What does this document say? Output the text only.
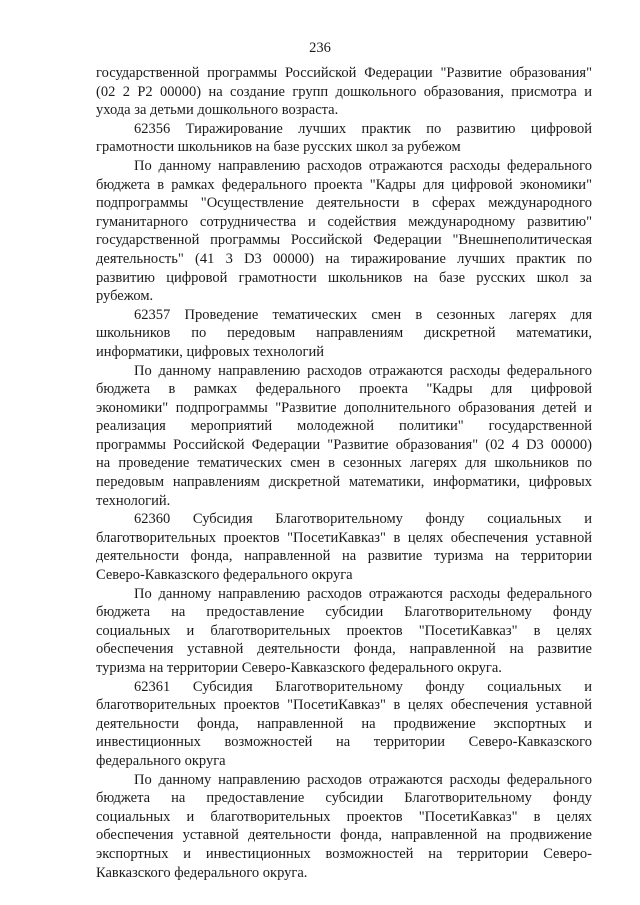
236
государственной программы Российской Федерации "Развитие образования"
(02 2 Р2 00000) на создание групп дошкольного образования, присмотра и
ухода за детьми дошкольного возраста.
62356 Тиражирование лучших практик по развитию цифровой
грамотности школьников на базе русских школ за рубежом
По данному направлению расходов отражаются расходы федерального
бюджета в рамках федерального проекта "Кадры для цифровой экономики"
подпрограммы "Осуществление деятельности в сферах международного
гуманитарного сотрудничества и содействия международному развитию"
государственной программы Российской Федерации "Внешнеполитическая
деятельность" (41 3 D3 00000) на тиражирование лучших практик по
развитию цифровой грамотности школьников на базе русских школ за
рубежом.
62357 Проведение тематических смен в сезонных лагерях для
школьников по передовым направлениям дискретной математики,
информатики, цифровых технологий
По данному направлению расходов отражаются расходы федерального
бюджета в рамках федерального проекта "Кадры для цифровой
экономики" подпрограммы "Развитие дополнительного образования детей и
реализация мероприятий молодежной политики" государственной
программы Российской Федерации "Развитие образования" (02 4 D3 00000)
на проведение тематических смен в сезонных лагерях для школьников по
передовым направлениям дискретной математики, информатики, цифровых
технологий.
62360 Субсидия Благотворительному фонду социальных и
благотворительных проектов "ПосетиКавказ" в целях обеспечения уставной
деятельности фонда, направленной на развитие туризма на территории
Северо-Кавказского федерального округа
По данному направлению расходов отражаются расходы федерального
бюджета на предоставление субсидии Благотворительному фонду
социальных и благотворительных проектов "ПосетиКавказ" в целях
обеспечения уставной деятельности фонда, направленной на развитие
туризма на территории Северо-Кавказского федерального округа.
62361 Субсидия Благотворительному фонду социальных и
благотворительных проектов "ПосетиКавказ" в целях обеспечения уставной
деятельности фонда, направленной на продвижение экспортных и
инвестиционных возможностей на территории Северо-Кавказского
федерального округа
По данному направлению расходов отражаются расходы федерального
бюджета на предоставление субсидии Благотворительному фонду
социальных и благотворительных проектов "ПосетиКавказ" в целях
обеспечения уставной деятельности фонда, направленной на продвижение
экспортных и инвестиционных возможностей на территории Северо-
Кавказского федерального округа.
